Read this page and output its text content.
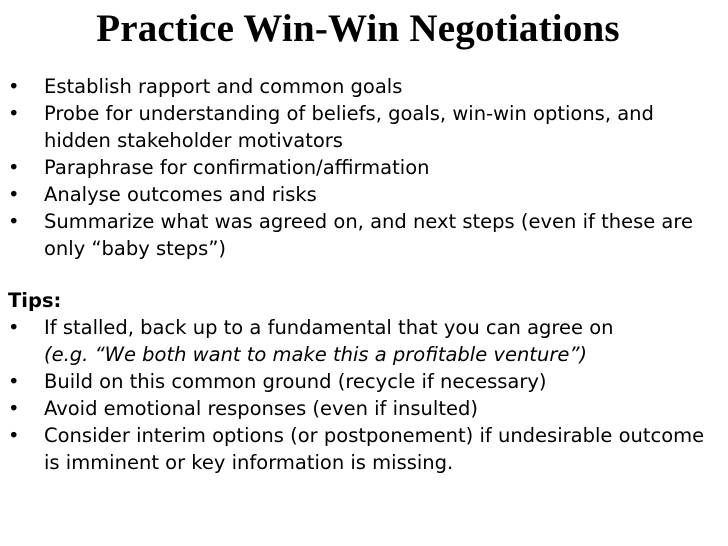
Practice Win-Win Negotiations
•	Establish rapport and common goals
•	Probe for understanding of beliefs, goals, win-win options, and hidden stakeholder motivators
•	Paraphrase for confirmation/affirmation
•	Analyse outcomes and risks
•	Summarize what was agreed on, and next steps (even if these are only “baby steps”)
Tips:
•	If stalled, back up to a fundamental that you can agree on
(e.g. “We both want to make this a profitable venture”)
•	Build on this common ground (recycle if necessary)
•	Avoid emotional responses (even if insulted)
•	Consider interim options (or postponement) if undesirable outcome is imminent or key information is missing.
